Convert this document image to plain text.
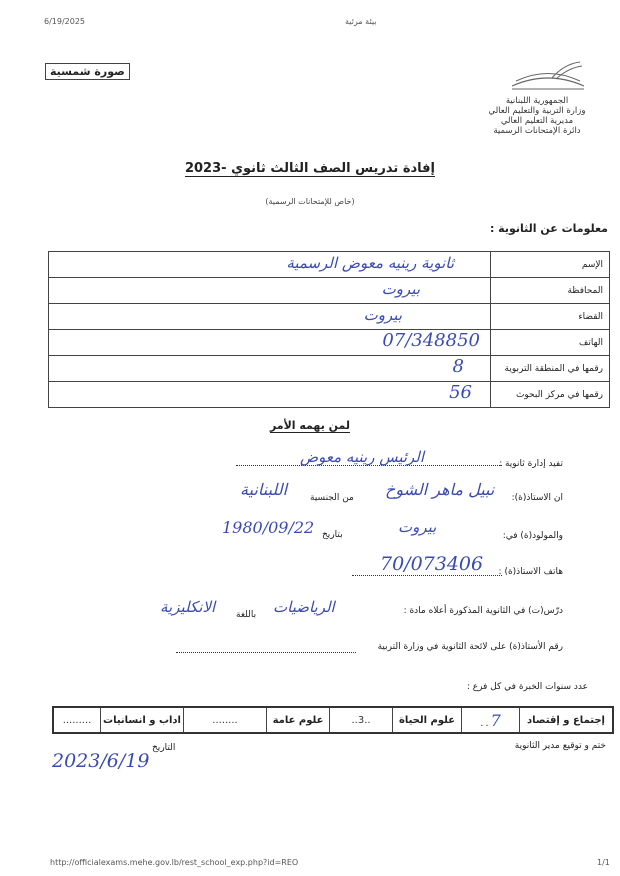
6/19/2025	بيئة مرئية
صورة شمسية
الجمهورية اللبنانية
وزارة التربية والتعليم العالي
مديرية التعليم العالي
دائرة الإمتحانات الرسمية
إفادة تدريس الصف الثالث ثانوي -2023
(خاص للإمتحانات الرسمية)
معلومات عن الثانوية :
الإسم	ثانوية رينيه معوض الرسمية

المحافظة	بيروت

القضاء	بيروت

الهاتف	07/348850

رقمها في المنطقة التربوية	8

رقمها في مركز البحوث	56
لمن يهمه الأمر
تفيد إدارة ثانوية :
الرئيس رينيه معوض
ان الاستاذ(ة):
نبيل ماهر الشوخ
من الجنسية
اللبنانية
والمولود(ة) في:
بيروت
بتاريخ
1980/09/22
هاتف الاستاذ(ة) :
70/073406
درّس(ت) في الثانوية المذكورة أعلاه مادة :
الرياضيات
باللغة
الانكليزية
رقم الأستاذ(ة) على لائحة الثانوية في وزارة التربية
عدد سنوات الخبرة في كل فرع :
إجتماع و إقتصاد	7..	علوم الحياة	..3..	علوم عامة	........	اداب و انسانيات	.........
ختم و توقيع مدير الثانوية
التاريخ
2023/6/19
http://officialexams.mehe.gov.lb/rest_school_exp.php?id=REO	1/1
